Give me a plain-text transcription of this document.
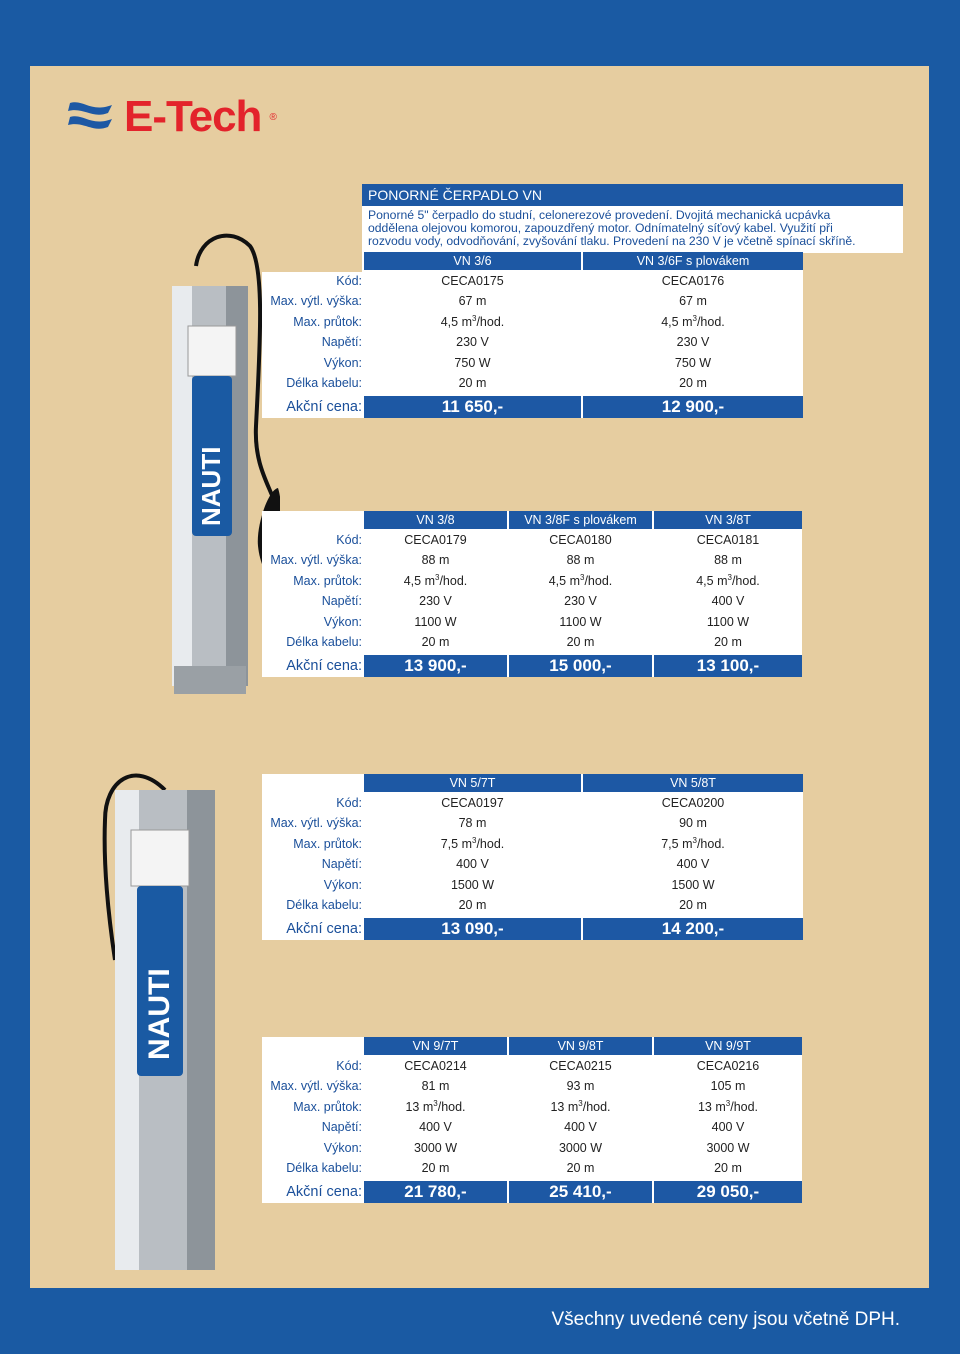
E-Tech ®
NAUTI
NAUTI
PONORNÉ ČERPADLO VN
Ponorné 5" čerpadlo do studní, celonerezové provedení. Dvojitá mechanická ucpávka
oddělena olejovou komorou, zapouzdřený motor. Odnímatelný síťový kabel. Využití při
rozvodu vody, odvodňování, zvyšování tlaku. Provedení na 230 V je včetně spínací skříně.
VN 3/6	VN 3/6F s plovákem
Kód:	CECA0175	CECA0176
Max. výtl. výška:	67 m	67 m
Max. průtok:	4,5 $m^3$/hod.	4,5 $m^3$/hod.
Napětí:	230 V	230 V
Výkon:	750 W	750 W
Délka kabelu:	20 m	20 m
Akční cena:	11 650,-	12 900,-
VN 3/8	VN 3/8F s plovákem	VN 3/8T
Kód:	CECA0179	CECA0180	CECA0181
Max. výtl. výška:	88 m	88 m	88 m
Max. průtok:	4,5 $m^3$/hod.	4,5 $m^3$/hod.	4,5 $m^3$/hod.
Napětí:	230 V	230 V	400 V
Výkon:	1100 W	1100 W	1100 W
Délka kabelu:	20 m	20 m	20 m
Akční cena:	13 900,-	15 000,-	13 100,-
VN 5/7T	VN 5/8T
Kód:	CECA0197	CECA0200
Max. výtl. výška:	78 m	90 m
Max. průtok:	7,5 $m^3$/hod.	7,5 $m^3$/hod.
Napětí:	400 V	400 V
Výkon:	1500 W	1500 W
Délka kabelu:	20 m	20 m
Akční cena:	13 090,-	14 200,-
VN 9/7T	VN 9/8T	VN 9/9T
Kód:	CECA0214	CECA0215	CECA0216
Max. výtl. výška:	81 m	93 m	105 m
Max. průtok:	13 $m^3$/hod.	13 $m^3$/hod.	13 $m^3$/hod.
Napětí:	400 V	400 V	400 V
Výkon:	3000 W	3000 W	3000 W
Délka kabelu:	20 m	20 m	20 m
Akční cena:	21 780,-	25 410,-	29 050,-
Všechny uvedené ceny jsou včetně DPH.
